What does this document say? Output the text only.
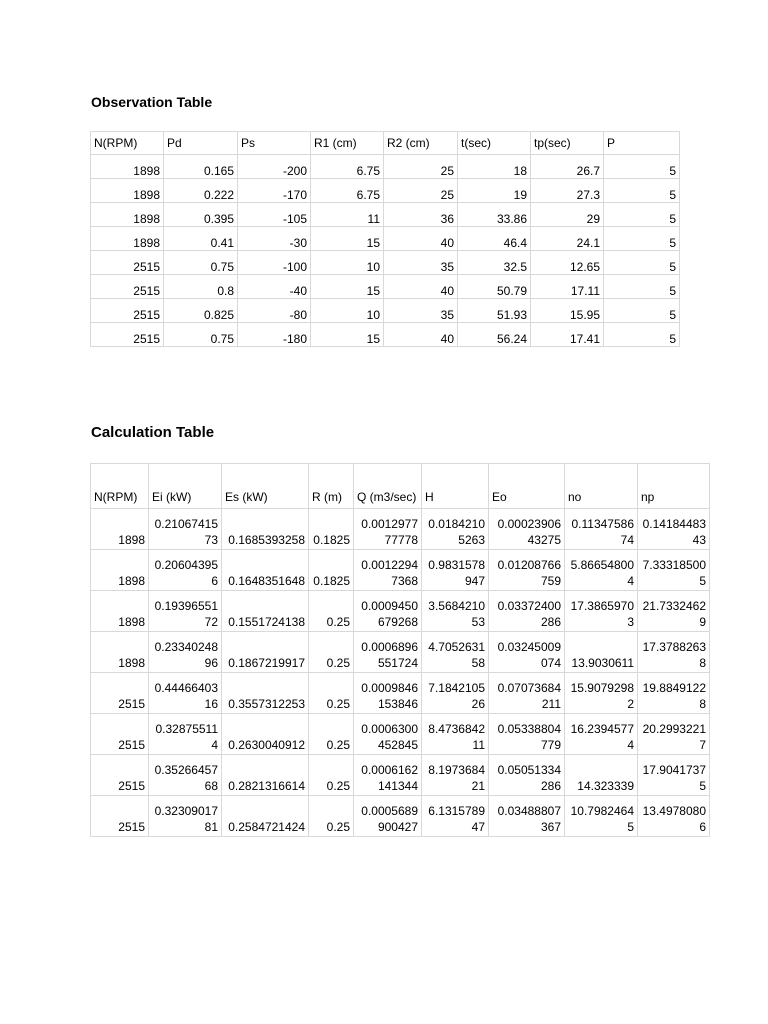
Observation Table
N(RPM)	Pd	Ps	R1 (cm)	R2 (cm)	t(sec)	tp(sec)	P
1898	0.165	-200	6.75	25	18	26.7	5
1898	0.222	-170	6.75	25	19	27.3	5
1898	0.395	-105	11	36	33.86	29	5
1898	0.41	-30	15	40	46.4	24.1	5
2515	0.75	-100	10	35	32.5	12.65	5
2515	0.8	-40	15	40	50.79	17.11	5
2515	0.825	-80	10	35	51.93	15.95	5
2515	0.75	-180	15	40	56.24	17.41	5
Calculation Table
N(RPM)	Ei (kW)	Es (kW)	R (m)	Q (m3/sec)	H	Eo	no	np
1898	0.2106741573	0.1685393258	0.1825	0.001297777778	0.01842105263	0.0002390643275	0.1134758674	0.1418448343
1898	0.206043956	0.1648351648	0.1825	0.00122947368	0.9831578947	0.01208766759	5.866548004	7.333185005
1898	0.1939655172	0.1551724138	0.25	0.0009450679268	3.568421053	0.03372400286	17.38659703	21.73324629
1898	0.2334024896	0.1867219917	0.25	0.0006896551724	4.705263158	0.03245009074	13.9030611	17.37882638
2515	0.4446640316	0.3557312253	0.25	0.0009846153846	7.184210526	0.07073684211	15.90792982	19.88491228
2515	0.328755114	0.2630040912	0.25	0.0006300452845	8.473684211	0.05338804779	16.23945774	20.29932217
2515	0.3526645768	0.2821316614	0.25	0.0006162141344	8.197368421	0.05051334286	14.323339	17.90417375
2515	0.3230901781	0.2584721424	0.25	0.0005689900427	6.131578947	0.03488807367	10.79824645	13.49780806
